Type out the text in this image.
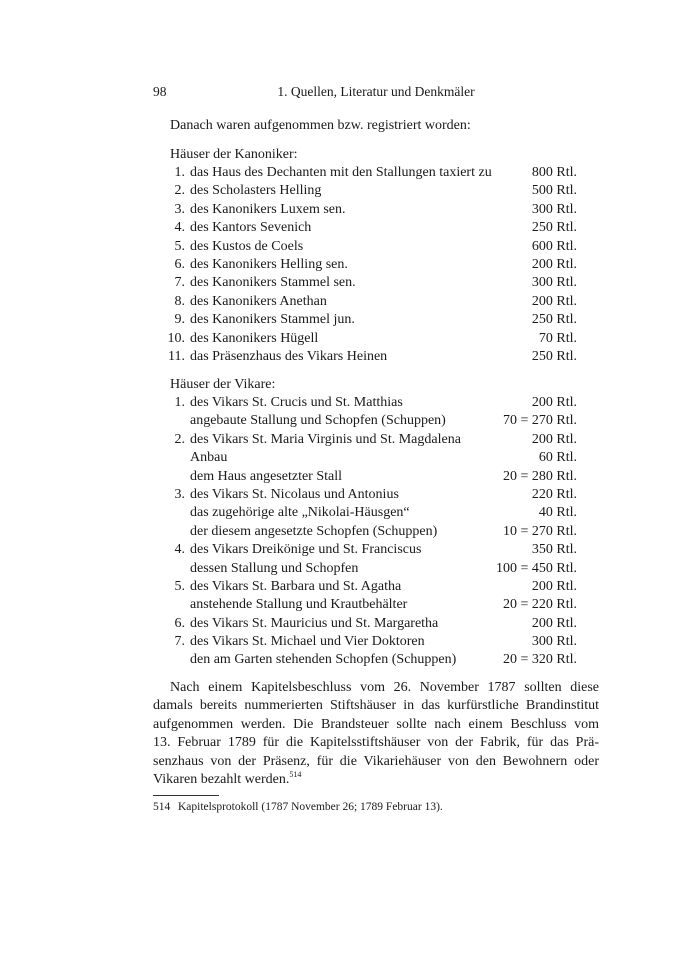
98	1. Quellen, Literatur und Denkmäler
Danach waren aufgenommen bzw. registriert worden:
Häuser der Kanoniker:
1. das Haus des Dechanten mit den Stallungen taxiert zu	800 Rtl.
2. des Scholasters Helling	500 Rtl.
3. des Kanonikers Luxem sen.	300 Rtl.
4. des Kantors Sevenich	250 Rtl.
5. des Kustos de Coels	600 Rtl.
6. des Kanonikers Helling sen.	200 Rtl.
7. des Kanonikers Stammel sen.	300 Rtl.
8. des Kanonikers Anethan	200 Rtl.
9. des Kanonikers Stammel jun.	250 Rtl.
10. des Kanonikers Hügell	70 Rtl.
11. das Präsenzhaus des Vikars Heinen	250 Rtl.
Häuser der Vikare:
1. des Vikars St. Crucis und St. Matthias	200 Rtl.
angebaute Stallung und Schopfen (Schuppen)	70 = 270 Rtl.
2. des Vikars St. Maria Virginis und St. Magdalena	200 Rtl.
Anbau	60 Rtl.
dem Haus angesetzter Stall	20 = 280 Rtl.
3. des Vikars St. Nicolaus und Antonius	220 Rtl.
das zugehörige alte „Nikolai-Häusgen“	40 Rtl.
der diesem angesetzte Schopfen (Schuppen)	10 = 270 Rtl.
4. des Vikars Dreikönige und St. Franciscus	350 Rtl.
dessen Stallung und Schopfen	100 = 450 Rtl.
5. des Vikars St. Barbara und St. Agatha	200 Rtl.
anstehende Stallung und Krautbehälter	20 = 220 Rtl.
6. des Vikars St. Mauricius und St. Margaretha	200 Rtl.
7. des Vikars St. Michael und Vier Doktoren	300 Rtl.
den am Garten stehenden Schopfen (Schuppen)	20 = 320 Rtl.
Nach einem Kapitelsbeschluss vom 26. November 1787 sollten diese
damals bereits nummerierten Stiftshäuser in das kurfürstliche Brandinstitut
aufgenommen werden. Die Brandsteuer sollte nach einem Beschluss vom
13. Februar 1789 für die Kapitelsstiftshäuser von der Fabrik, für das Prä-
senzhaus von der Präsenz, für die Vikariehäuser von den Bewohnern oder
Vikaren bezahlt werden.$^{514}$
514 Kapitelsprotokoll (1787 November 26; 1789 Februar 13).
